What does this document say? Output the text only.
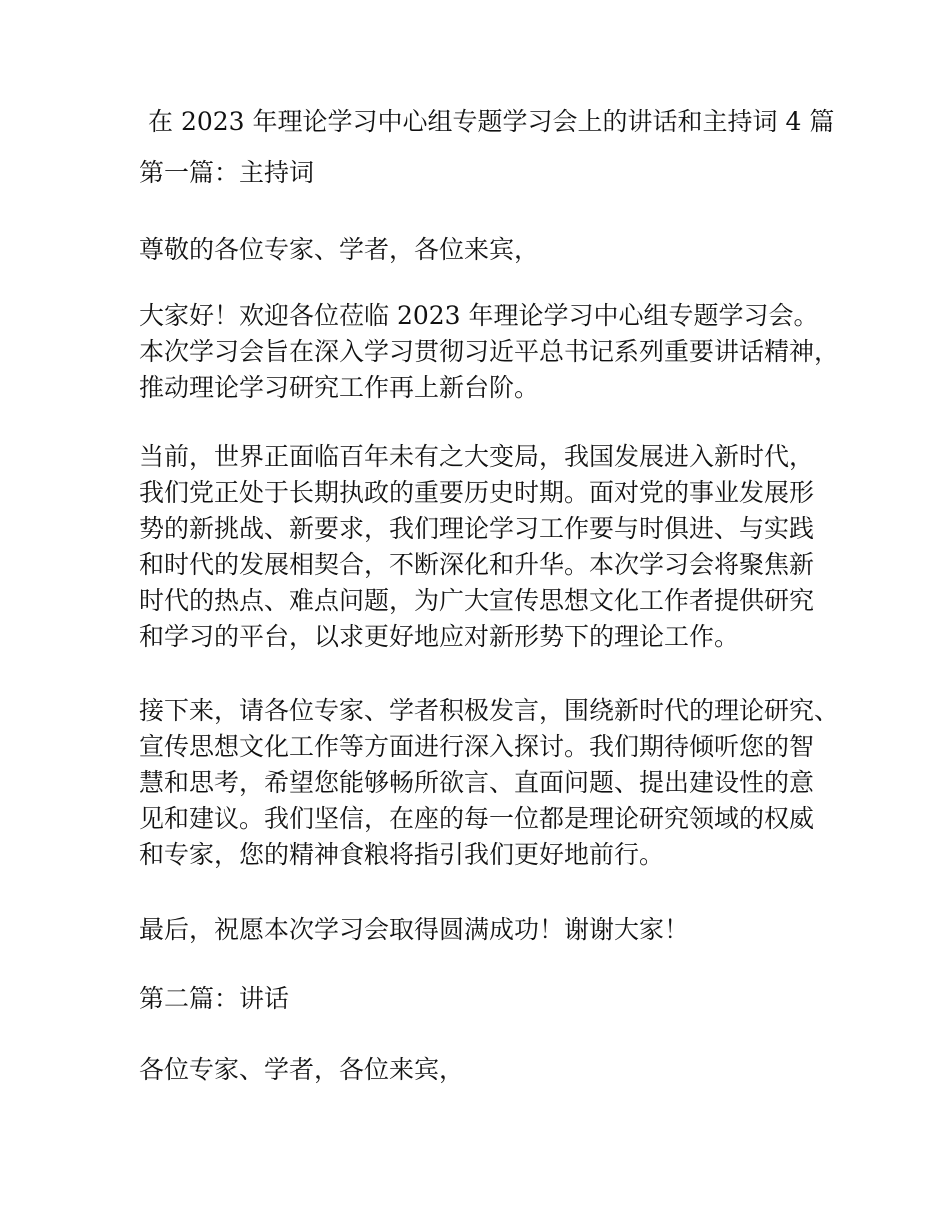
在 2023 年理论学习中心组专题学习会上的讲话和主持词 4 篇
第一篇：主持词
尊敬的各位专家、学者，各位来宾，
大家好！欢迎各位莅临 2023 年理论学习中心组专题学习会。
本次学习会旨在深入学习贯彻习近平总书记系列重要讲话精神，
推动理论学习研究工作再上新台阶。
当前，世界正面临百年未有之大变局，我国发展进入新时代，
我们党正处于长期执政的重要历史时期。面对党的事业发展形
势的新挑战、新要求，我们理论学习工作要与时俱进、与实践
和时代的发展相契合，不断深化和升华。本次学习会将聚焦新
时代的热点、难点问题，为广大宣传思想文化工作者提供研究
和学习的平台，以求更好地应对新形势下的理论工作。
接下来，请各位专家、学者积极发言，围绕新时代的理论研究、
宣传思想文化工作等方面进行深入探讨。我们期待倾听您的智
慧和思考，希望您能够畅所欲言、直面问题、提出建设性的意
见和建议。我们坚信，在座的每一位都是理论研究领域的权威
和专家，您的精神食粮将指引我们更好地前行。
最后，祝愿本次学习会取得圆满成功！谢谢大家！
第二篇：讲话
各位专家、学者，各位来宾，
